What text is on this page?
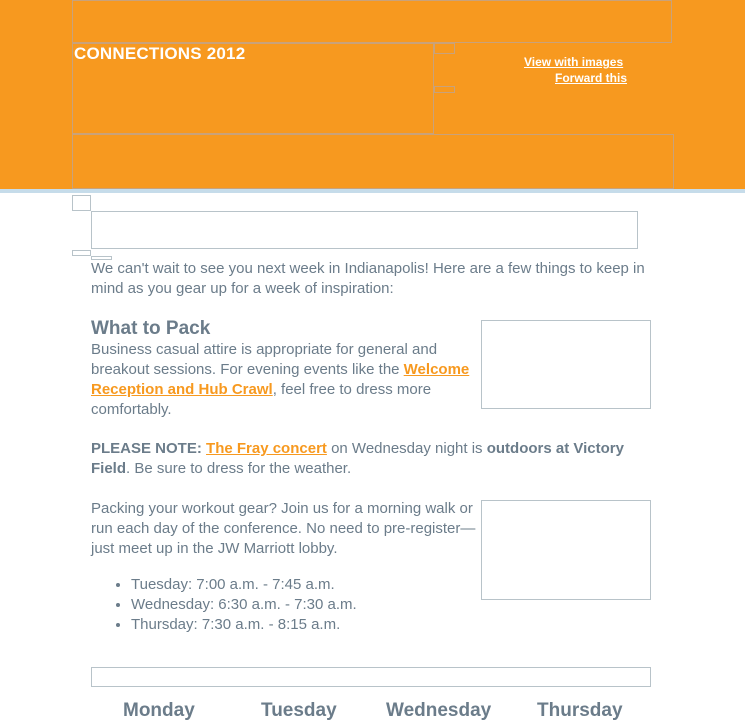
CONNECTIONS 2012	View with images
Forward this
We can't wait to see you next week in Indianapolis! Here are a few things to keep in mind as you gear up for a week of inspiration:
What to Pack
Business casual attire is appropriate for general and breakout sessions. For evening events like the Welcome Reception and Hub Crawl, feel free to dress more comfortably.
PLEASE NOTE: The Fray concert on Wednesday night is outdoors at Victory Field. Be sure to dress for the weather.
Packing your workout gear? Join us for a morning walk or run each day of the conference. No need to pre-register—just meet up in the JW Marriott lobby.
• Tuesday: 7:00 a.m. - 7:45 a.m.
• Wednesday: 6:30 a.m. - 7:30 a.m.
• Thursday: 7:30 a.m. - 8:15 a.m.
Monday	Tuesday	Wednesday Thursday
